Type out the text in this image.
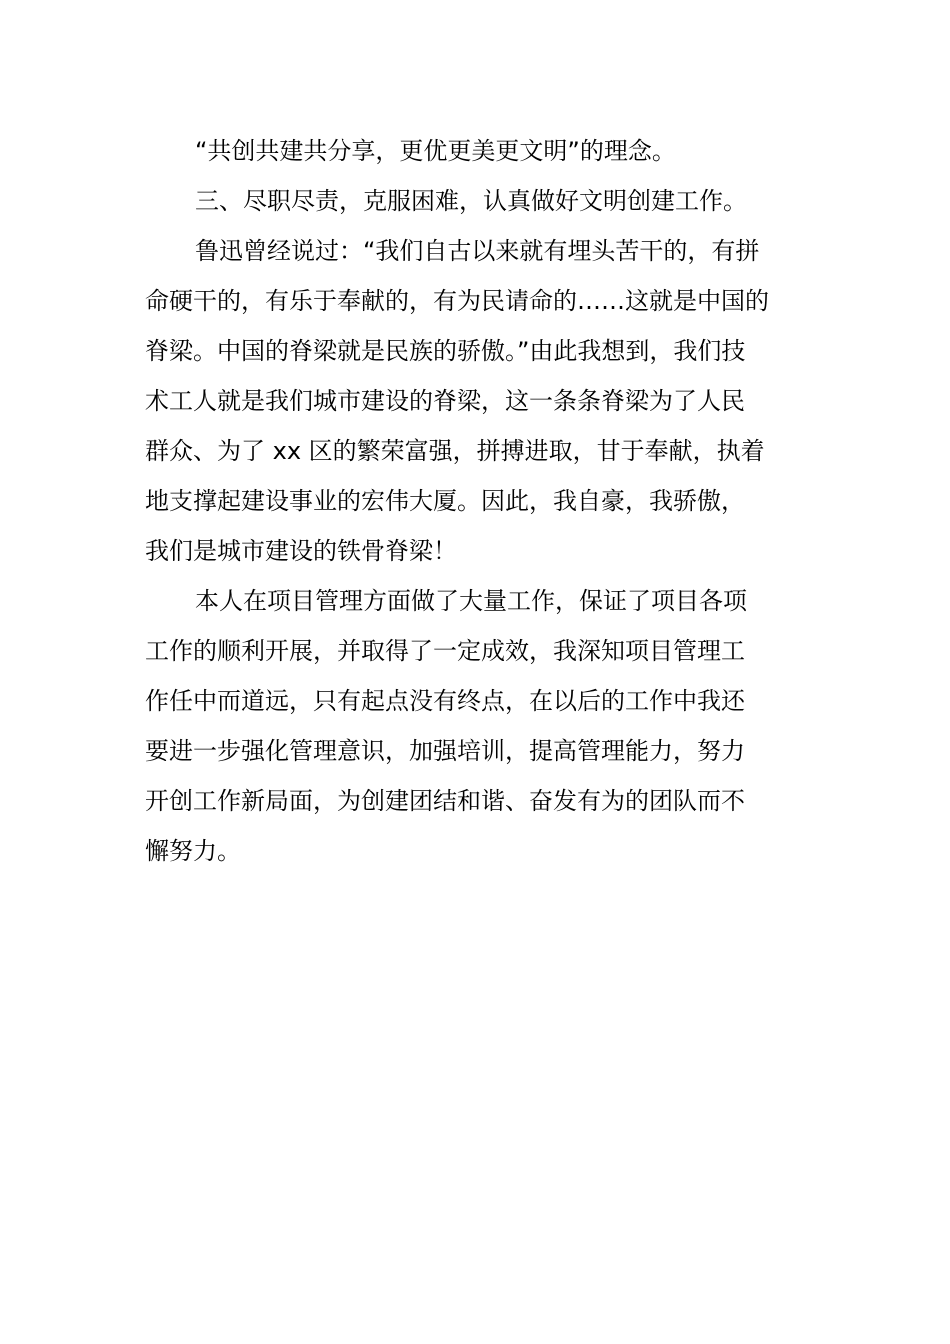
“共创共建共分享，更优更美更文明”的理念。
三、尽职尽责，克服困难，认真做好文明创建工作。
鲁迅曾经说过：“我们自古以来就有埋头苦干的，有拼
命硬干的，有乐于奉献的，有为民请命的……这就是中国的
脊梁。中国的脊梁就是民族的骄傲。”由此我想到，我们技
术工人就是我们城市建设的脊梁，这一条条脊梁为了人民
群众、为了 xx 区的繁荣富强，拼搏进取，甘于奉献，执着
地支撑起建设事业的宏伟大厦。因此，我自豪，我骄傲，
我们是城市建设的铁骨脊梁！
本人在项目管理方面做了大量工作，保证了项目各项
工作的顺利开展，并取得了一定成效，我深知项目管理工
作任中而道远，只有起点没有终点，在以后的工作中我还
要进一步强化管理意识，加强培训，提高管理能力，努力
开创工作新局面，为创建团结和谐、奋发有为的团队而不
懈努力。
